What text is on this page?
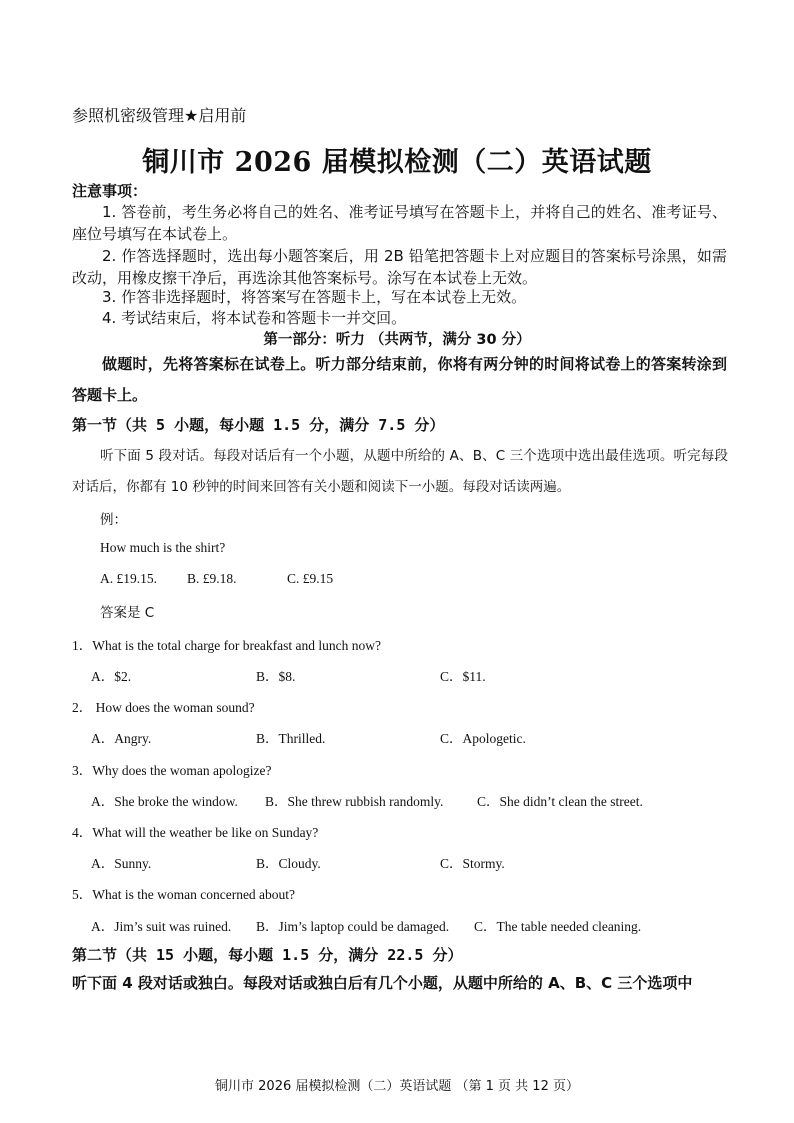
参照机密级管理★启用前
铜川市 2026 届模拟检测（二）英语试题
注意事项：
1. 答卷前，考生务必将自己的姓名、准考证号填写在答题卡上，并将自己的姓名、准考证号、座位号填写在本试卷上。
2. 作答选择题时，选出每小题答案后，用 2B 铅笔把答题卡上对应题目的答案标号涂黑，如需改动，用橡皮擦干净后，再选涂其他答案标号。涂写在本试卷上无效。
3. 作答非选择题时，将答案写在答题卡上，写在本试卷上无效。
4. 考试结束后，将本试卷和答题卡一并交回。
第一部分：听力 （共两节，满分 30 分）
做题时，先将答案标在试卷上。听力部分结束前，你将有两分钟的时间将试卷上的答案转涂到答题卡上。
第一节（共 5 小题，每小题 1.5 分，满分 7.5 分）
听下面 5 段对话。每段对话后有一个小题，从题中所给的 A、B、C 三个选项中选出最佳选项。听完每段对话后，你都有 10 秒钟的时间来回答有关小题和阅读下一小题。每段对话读两遍。
例：
How much is the shirt?
A. £19.15. B. £9.18.	C. £9.15
答案是 C
1．What is the total charge for breakfast and lunch now?
A．$2.	B．$8.	C．$11.
2． How does the woman sound?
A．Angry.	B．Thrilled.	C．Apologetic.
3．Why does the woman apologize?
A．She broke the window. B．She threw rubbish randomly. C．She didn’t clean the street.
4．What will the weather be like on Sunday?
A．Sunny.	B．Cloudy.	C．Stormy.
5．What is the woman concerned about?
A．Jim’s suit was ruined. B．Jim’s laptop could be damaged. C．The table needed cleaning.
第二节（共 15 小题，每小题 1.5 分，满分 22.5 分）
听下面 4 段对话或独白。每段对话或独白后有几个小题，从题中所给的 A、B、C 三个选项中
铜川市 2026 届模拟检测（二）英语试题 （第 1 页 共 12 页）
